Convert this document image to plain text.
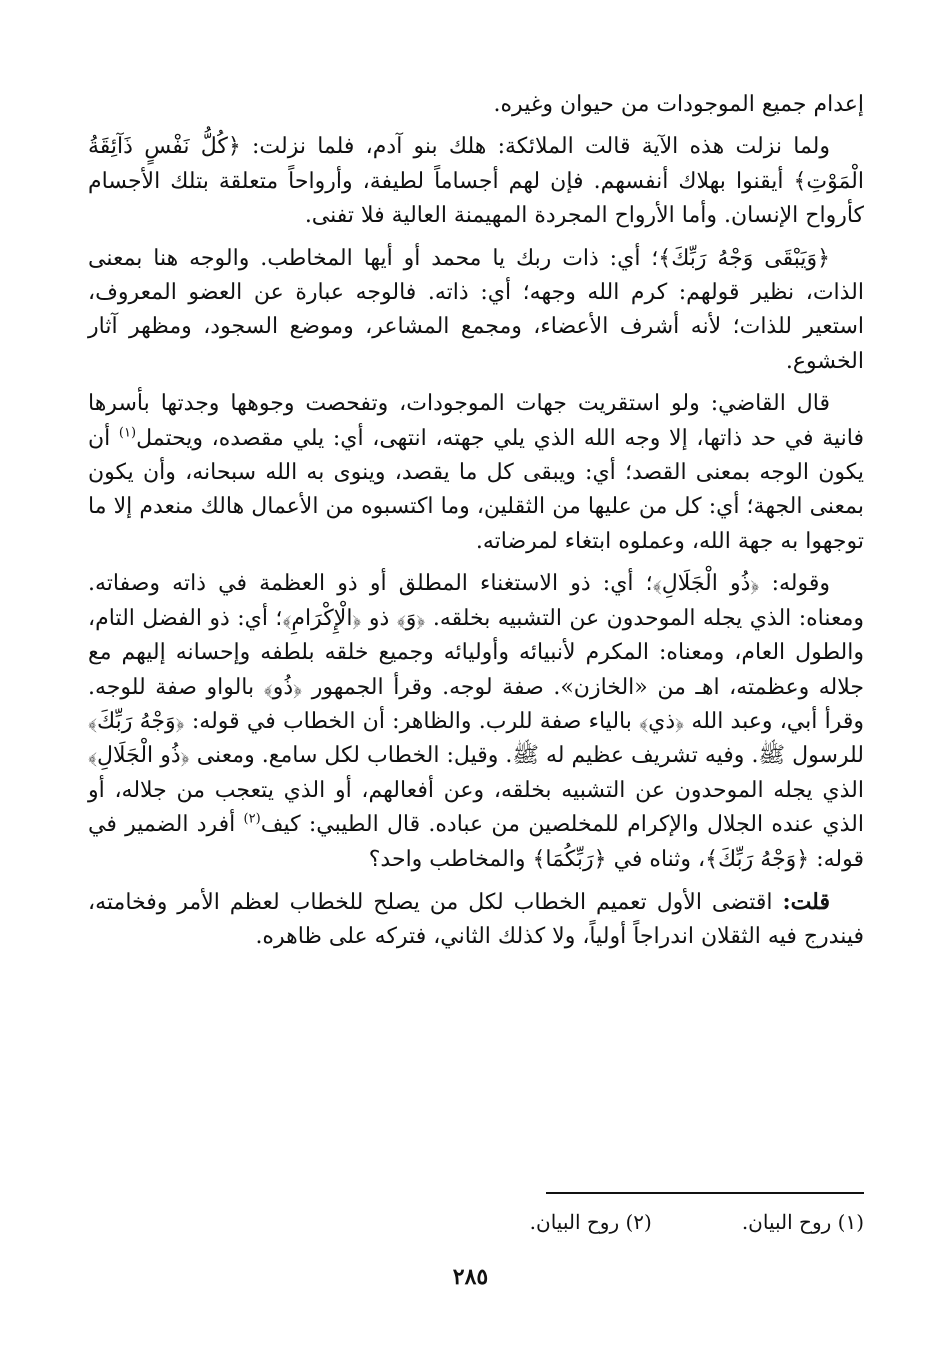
إعدام جميع الموجودات من حيوان وغيره.

ولما نزلت هذه الآية قالت الملائكة: هلك بنو آدم، فلما نزلت: ﴿كُلُّ نَفْسٍ ذَآئِقَةُ الْمَوْتِ﴾ أيقنوا بهلاك أنفسهم. فإن لهم أجساماً لطيفة، وأرواحاً متعلقة بتلك الأجسام كأرواح الإنسان. وأما الأرواح المجردة المهيمنة العالية فلا تفنى.

﴿وَيَبْقَى وَجْهُ رَبِّكَ﴾؛ أي: ذات ربك يا محمد أو أيها المخاطب. والوجه هنا بمعنى الذات، نظير قولهم: كرم الله وجهه؛ أي: ذاته. فالوجه عبارة عن العضو المعروف، استعير للذات؛ لأنه أشرف الأعضاء، ومجمع المشاعر، وموضع السجود، ومظهر آثار الخشوع.

قال القاضي: ولو استقريت جهات الموجودات، وتفحصت وجوهها وجدتها بأسرها فانية في حد ذاتها، إلا وجه الله الذي يلي جهته، انتهى، أي: يلي مقصده، ويحتمل$^{(١)}$ أن يكون الوجه بمعنى القصد؛ أي: ويبقى كل ما يقصد، وينوى به الله سبحانه، وأن يكون بمعنى الجهة؛ أي: كل من عليها من الثقلين، وما اكتسبوه من الأعمال هالك منعدم إلا ما توجهوا به جهة الله، وعملوه ابتغاء لمرضاته.

وقوله: ﴿ذُو الْجَلَالِ﴾؛ أي: ذو الاستغناء المطلق أو ذو العظمة في ذاته وصفاته. ومعناه: الذي يجله الموحدون عن التشبيه بخلقه. ﴿وَ﴾ ذو ﴿الْإِكْرَامِ﴾؛ أي: ذو الفضل التام، والطول العام، ومعناه: المكرم لأنبيائه وأوليائه وجميع خلقه بلطفه وإحسانه إليهم مع جلاله وعظمته، اهـ من «الخازن». صفة لوجه. وقرأ الجمهور ﴿ذُو﴾ بالواو صفة للوجه. وقرأ أبي، وعبد الله ﴿ذي﴾ بالياء صفة للرب. والظاهر: أن الخطاب في قوله: ﴿وَجْهُ رَبِّكَ﴾ للرسول ﷺ. وفيه تشريف عظيم له ﷺ. وقيل: الخطاب لكل سامع. ومعنى ﴿ذُو الْجَلَالِ﴾ الذي يجله الموحدون عن التشبيه بخلقه، وعن أفعالهم، أو الذي يتعجب من جلاله، أو الذي عنده الجلال والإكرام للمخلصين من عباده. قال الطيبي: كيف$^{(٢)}$ أفرد الضمير في قوله: ﴿وَجْهُ رَبِّكَ﴾، وثناه في ﴿رَبِّكُمَا﴾ والمخاطب واحد؟

قلت: اقتضى الأول تعميم الخطاب لكل من يصلح للخطاب لعظم الأمر وفخامته، فيندرج فيه الثقلان اندراجاً أولياً، ولا كذلك الثاني، فتركه على ظاهره.

(١) روح البيان.
(٢) روح البيان.
٢٨٥
